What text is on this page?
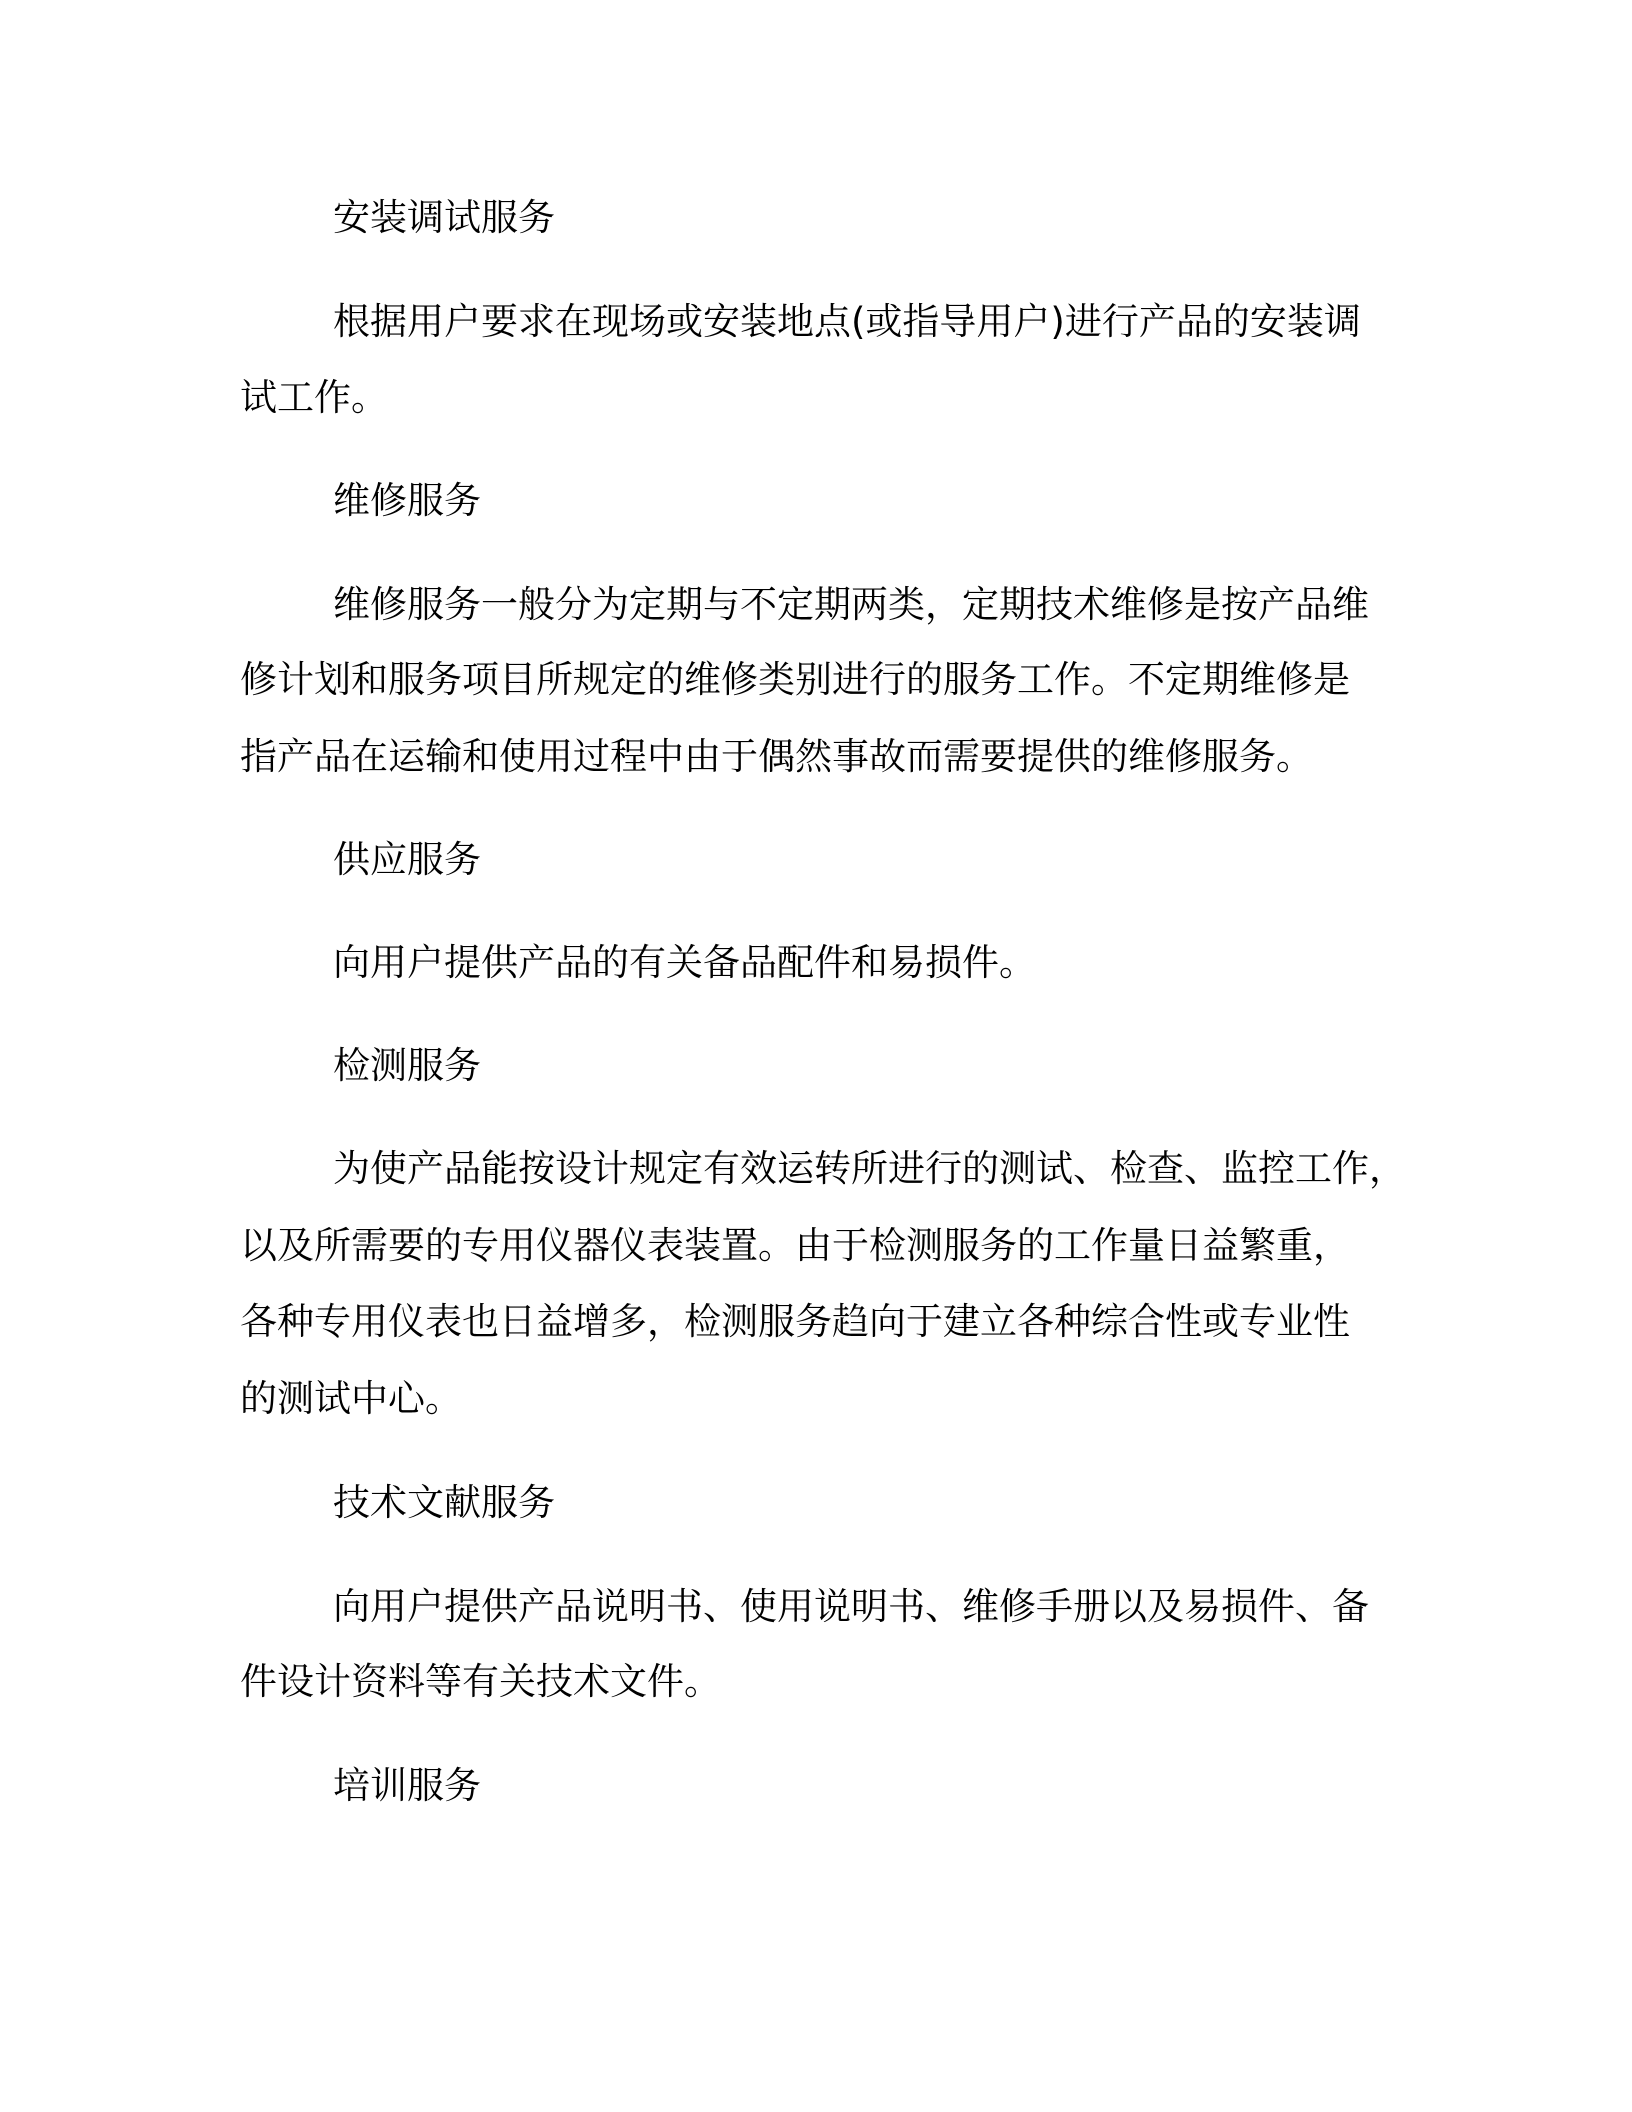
安装调试服务
根据用户要求在现场或安装地点(或指导用户)进行产品的安装调
试工作。
维修服务
维修服务一般分为定期与不定期两类，定期技术维修是按产品维
修计划和服务项目所规定的维修类别进行的服务工作。不定期维修是
指产品在运输和使用过程中由于偶然事故而需要提供的维修服务。
供应服务
向用户提供产品的有关备品配件和易损件。
检测服务
为使产品能按设计规定有效运转所进行的测试、检查、监控工作，
以及所需要的专用仪器仪表装置。由于检测服务的工作量日益繁重，
各种专用仪表也日益增多，检测服务趋向于建立各种综合性或专业性
的测试中心。
技术文献服务
向用户提供产品说明书、使用说明书、维修手册以及易损件、备
件设计资料等有关技术文件。
培训服务
